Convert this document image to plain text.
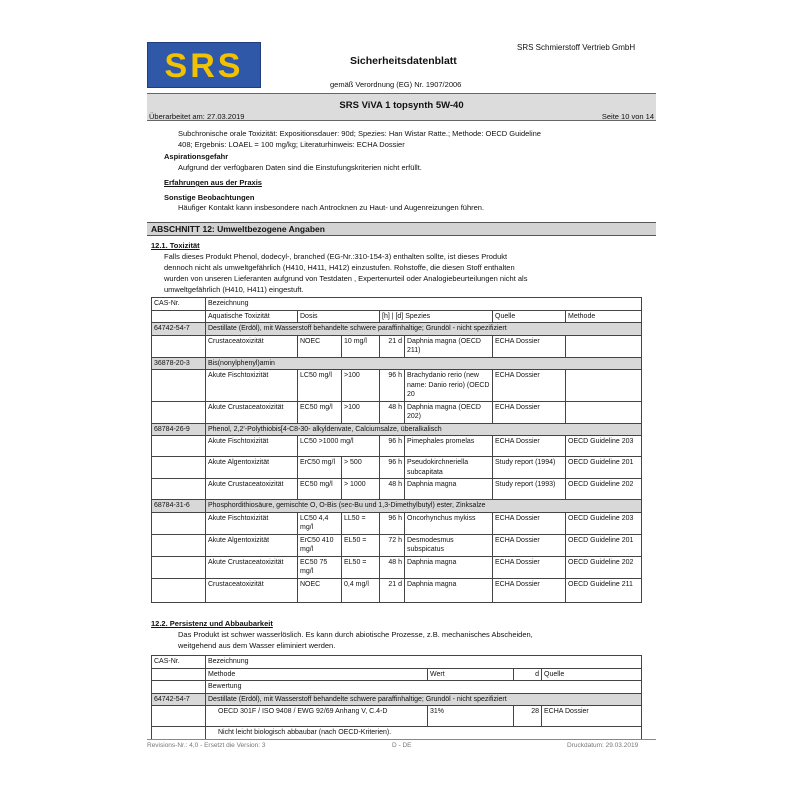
SRS	Sicherheitsdatenblatt
SRS Schmierstoff Vertrieb GmbH
gemäß Verordnung (EG) Nr. 1907/2006
SRS ViVA 1 topsynth 5W-40
Überarbeitet am: 27.03.2019	Seite 10 von 14
Subchronische orale Toxizität: Expositionsdauer: 90d; Spezies: Han Wistar Ratte.; Methode: OECD Guideline
408; Ergebnis: LOAEL = 100 mg/kg; Literaturhinweis: ECHA Dossier
Aspirationsgefahr
Aufgrund der verfügbaren Daten sind die Einstufungskriterien nicht erfüllt.
Erfahrungen aus der Praxis
Sonstige Beobachtungen
Häufiger Kontakt kann insbesondere nach Antrocknen zu Haut- und Augenreizungen führen.
ABSCHNITT 12: Umweltbezogene Angaben
12.1. Toxizität
Falls dieses Produkt Phenol, dodecyl-, branched (EG-Nr.:310-154-3) enthalten sollte, ist dieses Produkt
dennoch nicht als umweltgefährlich (H410, H411, H412) einzustufen. Rohstoffe, die diesen Stoff enthalten
wurden von unseren Lieferanten aufgrund von Testdaten , Expertenurteil oder Analogiebeurteilungen nicht als
umweltgefährlich (H410, H411) eingestuft.
CAS-Nr.	Bezeichnung						
	Aquatische Toxizität	Dosis		[h] | [d] Spezies		Quelle	Methode
64742-54-7	Destillate (Erdöl), mit Wasserstoff behandelte schwere paraffinhaltige; Grundöl - nicht spezifiziert						
	Crustaceatoxizität	NOEC	10 mg/l	21 d	Daphnia magna (OECD 211)	ECHA Dossier	
36878-20-3	Bis(nonylphenyl)amin						
	Akute Fischtoxizität	LC50 mg/l	>100	96 h	Brachydanio rerio (new name: Danio rerio) (OECD 20	ECHA Dossier	
	Akute Crustaceatoxizität	EC50 mg/l	>100	48 h	Daphnia magna (OECD 202)	ECHA Dossier	
68784-26-9	Phenol, 2,2'-Polythiobis[4-C8-30- alkyldenvate, Calciumsalze, überalkalisch						
	Akute Fischtoxizität	LC50 >1000 mg/l		96 h	Pimephales promelas	ECHA Dossier	OECD Guideline 203
	Akute Algentoxizität	ErC50 mg/l	> 500	96 h	Pseudokirchneriella subcapitata	Study report (1994)	OECD Guideline 201
	Akute Crustaceatoxizität	EC50 mg/l	> 1000	48 h	Daphnia magna	Study report (1993)	OECD Guideline 202
68784-31-6	Phosphordithiosäure, gemischte O, O-Bis (sec-Bu und 1,3-Dimethylbutyl) ester, Zinksalze						
	Akute Fischtoxizität	LC50 4,4 mg/l	LL50 =	96 h	Oncorhynchus mykiss	ECHA Dossier	OECD Guideline 203
	Akute Algentoxizität	ErC50 410 mg/l	EL50 =	72 h	Desmodesmus subspicatus	ECHA Dossier	OECD Guideline 201
	Akute Crustaceatoxizität	EC50 75 mg/l	EL50 =	48 h	Daphnia magna	ECHA Dossier	OECD Guideline 202
	Crustaceatoxizität	NOEC	0,4 mg/l	21 d	Daphnia magna	ECHA Dossier	OECD Guideline 211
12.2. Persistenz und Abbaubarkeit
Das Produkt ist schwer wasserlöslich. Es kann durch abiotische Prozesse, z.B. mechanisches Abscheiden,
weitgehend aus dem Wasser eliminiert werden.
CAS-Nr.	Bezeichnung			
	Methode	Wert	d	Quelle
	Bewertung			
64742-54-7	Destillate (Erdöl), mit Wasserstoff behandelte schwere paraffinhaltige; Grundöl - nicht spezifiziert			
	OECD 301F / ISO 9408 / EWG 92/69 Anhang V, C.4-D	31%	28	ECHA Dossier
	Nicht leicht biologisch abbaubar (nach OECD-Kriterien).			
Revisions-Nr.: 4,0 - Ersetzt die Version: 3	D - DE	Druckdatum: 29.03.2019
